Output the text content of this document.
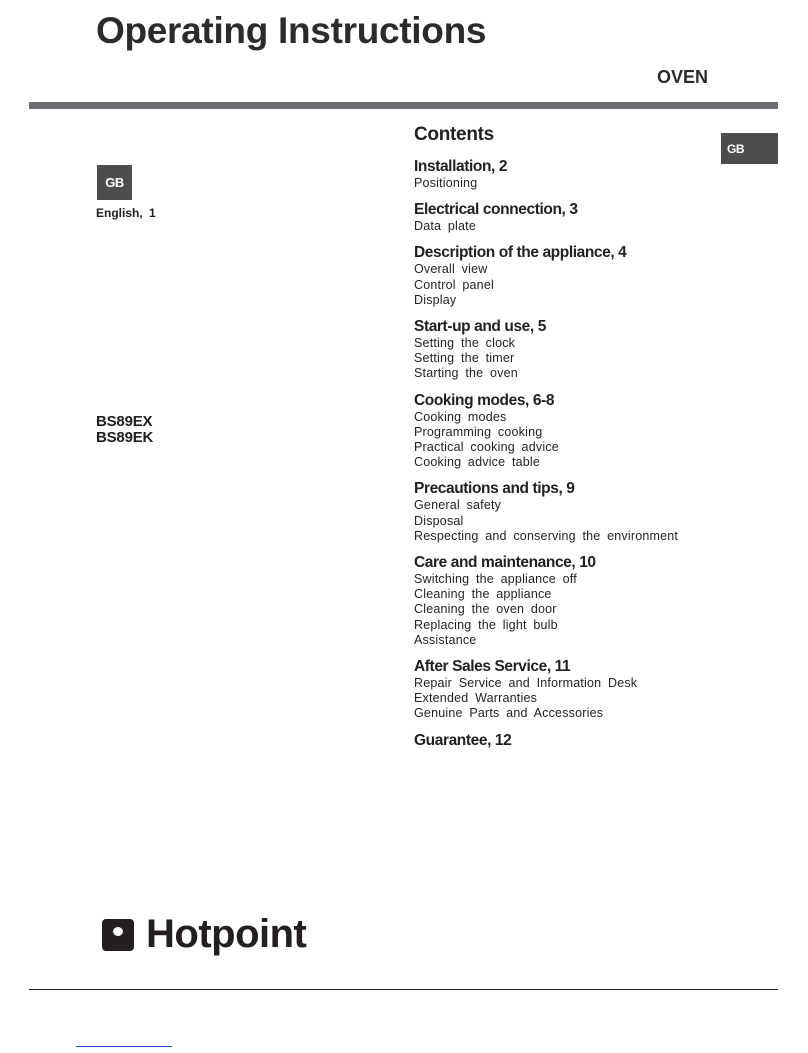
Operating Instructions
OVEN
GB
English, 1
GB
BS89EX
BS89EK
Contents
Installation, 2
Positioning
Electrical connection, 3
Data plate
Description of the appliance, 4
Overall view
Control panel
Display
Start-up and use, 5
Setting the clock
Setting the timer
Starting the oven
Cooking modes, 6-8
Cooking modes
Programming cooking
Practical cooking advice
Cooking advice table
Precautions and tips, 9
General safety
Disposal
Respecting and conserving the environment
Care and maintenance, 10
Switching the appliance off
Cleaning the appliance
Cleaning the oven door
Replacing the light bulb
Assistance
After Sales Service, 11
Repair Service and Information Desk
Extended Warranties
Genuine Parts and Accessories
Guarantee, 12
Hotpoint
